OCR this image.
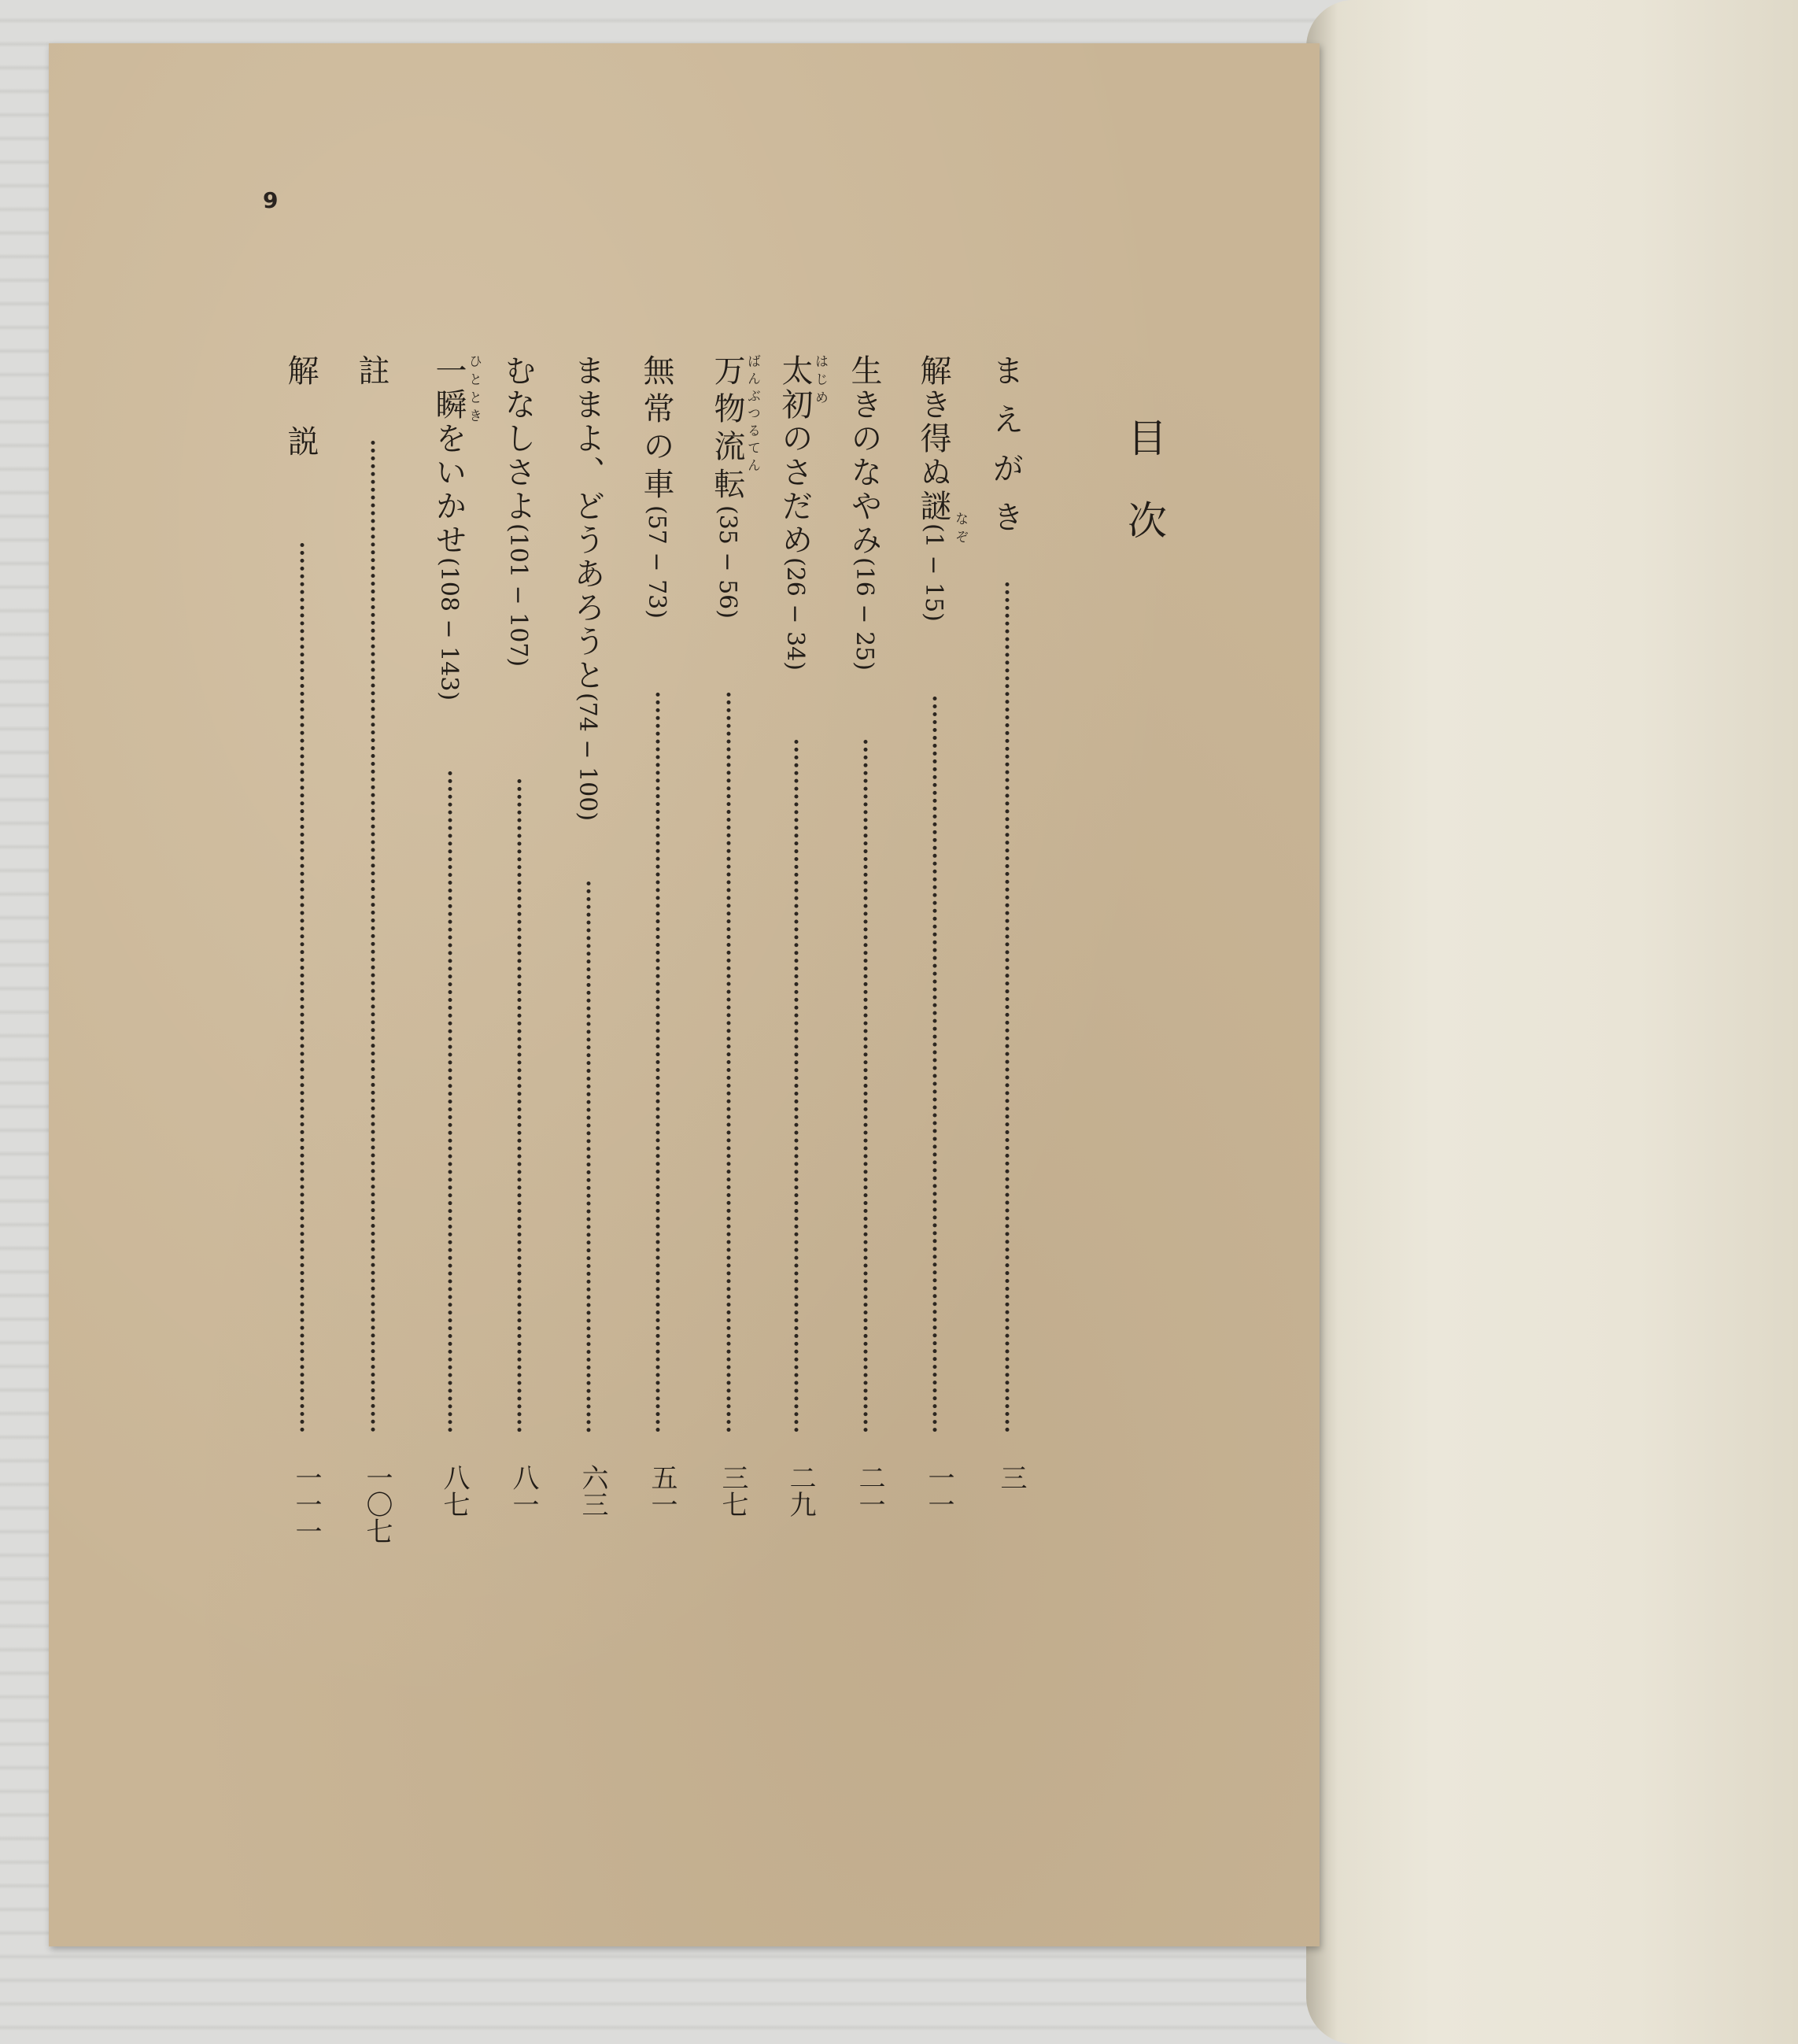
9
目次
まえがき
三
解き得ぬ謎(1 − 15) なぞ
一一
生きのなやみ(16 − 25)
二一
太初のさだめ(26 − 34)
はじめ
二九
万物流転(35 − 56)
ばんぶつるてん
三七
無常の車(57 − 73)
五一
ままよ、どうあろうと(74 − 100)
六三
むなしさよ(101 − 107)
八一
一瞬をいかせ(108 − 143)
ひととき
八七
註
一〇七
解説
一一一
